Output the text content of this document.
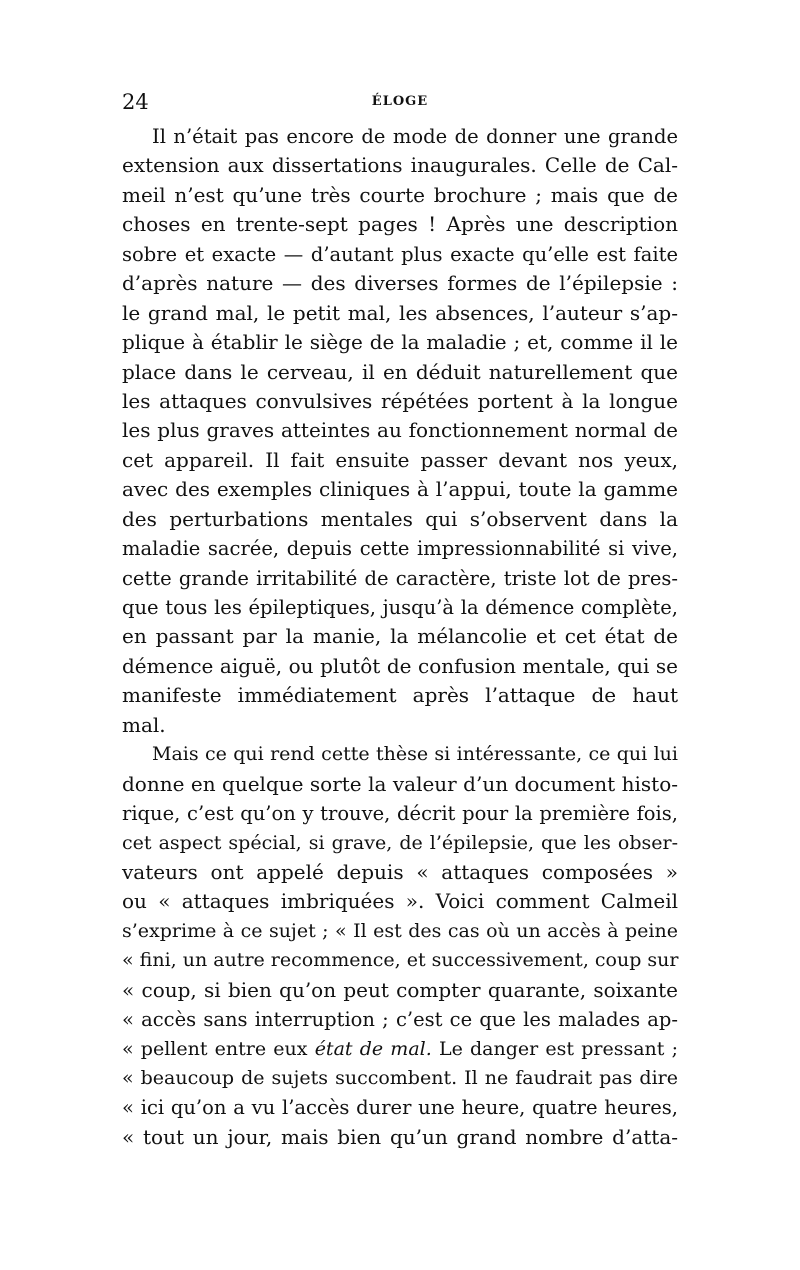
24	ÉLOGE
Il n’était pas encore de mode de donner une grande
extension aux dissertations inaugurales. Celle de Cal-
meil n’est qu’une très courte brochure ; mais que de
choses en trente-sept pages ! Après une description
sobre et exacte — d’autant plus exacte qu’elle est faite
d’après nature — des diverses formes de l’épilepsie :
le grand mal, le petit mal, les absences, l’auteur s’ap-
plique à établir le siège de la maladie ; et, comme il le
place dans le cerveau, il en déduit naturellement que
les attaques convulsives répétées portent à la longue
les plus graves atteintes au fonctionnement normal de
cet appareil. Il fait ensuite passer devant nos yeux,
avec des exemples cliniques à l’appui, toute la gamme
des perturbations mentales qui s’observent dans la
maladie sacrée, depuis cette impressionnabilité si vive,
cette grande irritabilité de caractère, triste lot de pres-
que tous les épileptiques, jusqu’à la démence complète,
en passant par la manie, la mélancolie et cet état de
démence aiguë, ou plutôt de confusion mentale, qui se
manifeste immédiatement après l’attaque de haut
mal.
Mais ce qui rend cette thèse si intéressante, ce qui lui
donne en quelque sorte la valeur d’un document histo-
rique, c’est qu’on y trouve, décrit pour la première fois,
cet aspect spécial, si grave, de l’épilepsie, que les obser-
vateurs ont appelé depuis « attaques composées »
ou « attaques imbriquées ». Voici comment Calmeil
s’exprime à ce sujet ; « Il est des cas où un accès à peine
« fini, un autre recommence, et successivement, coup sur
« coup, si bien qu’on peut compter quarante, soixante
« accès sans interruption ; c’est ce que les malades ap-
« pellent entre eux état de mal. Le danger est pressant ;
« beaucoup de sujets succombent. Il ne faudrait pas dire
« ici qu’on a vu l’accès durer une heure, quatre heures,
« tout un jour, mais bien qu’un grand nombre d’atta-
